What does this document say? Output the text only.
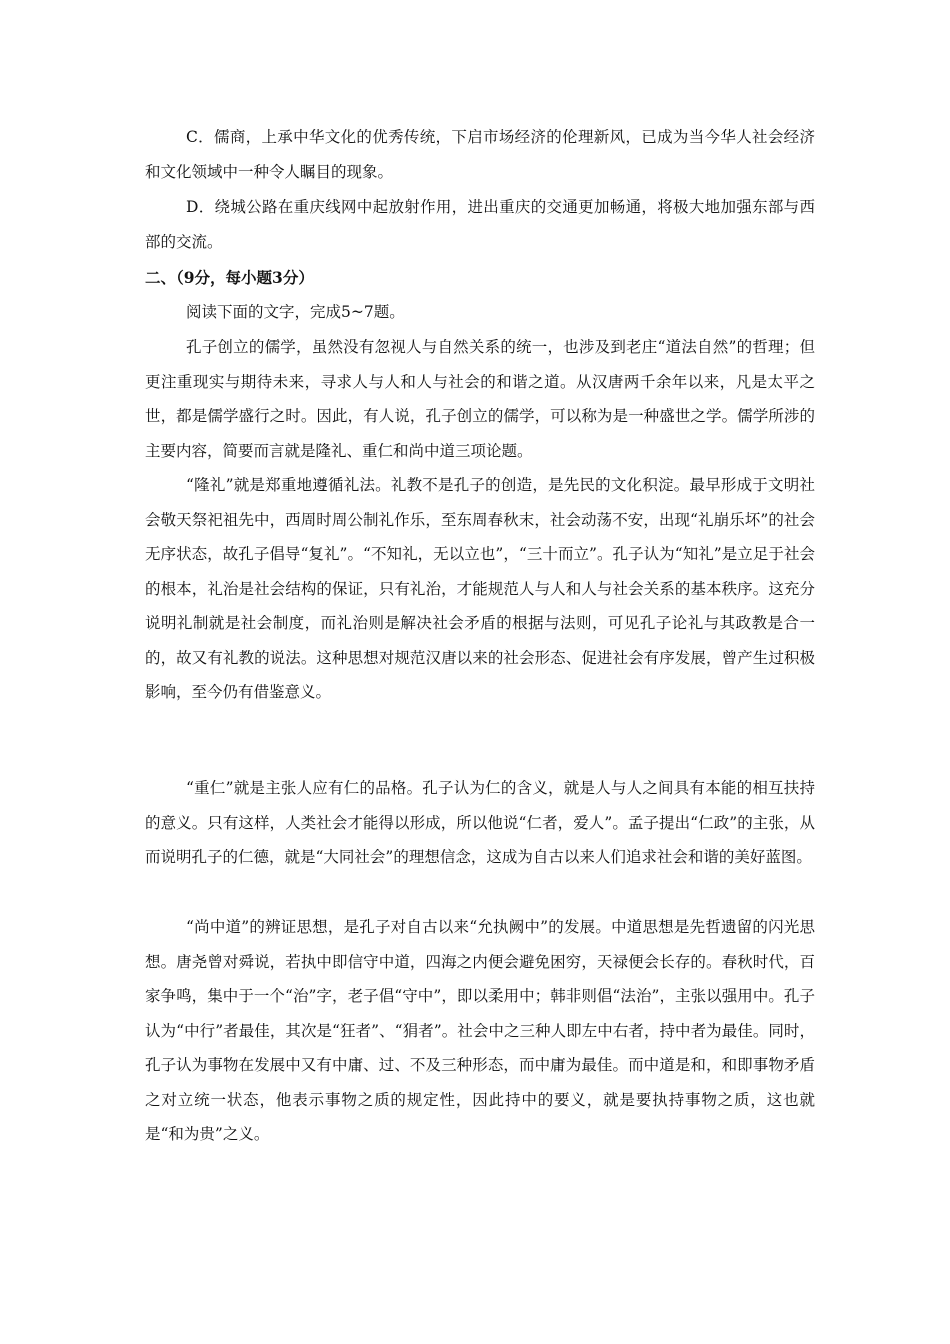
C．儒商，上承中华文化的优秀传统，下启市场经济的伦理新风，已成为当今华人社会经济和文化领域中一种令人瞩目的现象。

D．绕城公路在重庆线网中起放射作用，进出重庆的交通更加畅通，将极大地加强东部与西部的交流。

二、（9分，每小题3分）

阅读下面的文字，完成5~7题。

孔子创立的儒学，虽然没有忽视人与自然关系的统一，也涉及到老庄“道法自然”的哲理；但更注重现实与期待未来，寻求人与人和人与社会的和谐之道。从汉唐两千余年以来，凡是太平之世，都是儒学盛行之时。因此，有人说，孔子创立的儒学，可以称为是一种盛世之学。儒学所涉的主要内容，简要而言就是隆礼、重仁和尚中道三项论题。

“隆礼”就是郑重地遵循礼法。礼教不是孔子的创造，是先民的文化积淀。最早形成于文明社会敬天祭祀祖先中，西周时周公制礼作乐，至东周春秋末，社会动荡不安，出现“礼崩乐坏”的社会无序状态，故孔子倡导“复礼”。“不知礼，无以立也”，“三十而立”。孔子认为“知礼”是立足于社会的根本，礼治是社会结构的保证，只有礼治，才能规范人与人和人与社会关系的基本秩序。这充分说明礼制就是社会制度，而礼治则是解决社会矛盾的根据与法则，可见孔子论礼与其政教是合一的，故又有礼教的说法。这种思想对规范汉唐以来的社会形态、促进社会有序发展，曾产生过积极影响，至今仍有借鉴意义。

“重仁”就是主张人应有仁的品格。孔子认为仁的含义，就是人与人之间具有本能的相互扶持的意义。只有这样，人类社会才能得以形成，所以他说“仁者，爱人”。孟子提出“仁政”的主张，从而说明孔子的仁德，就是“大同社会”的理想信念，这成为自古以来人们追求社会和谐的美好蓝图。

“尚中道”的辨证思想，是孔子对自古以来“允执阙中”的发展。中道思想是先哲遗留的闪光思想。唐尧曾对舜说，若执中即信守中道，四海之内便会避免困穷，天禄便会长存的。春秋时代，百家争鸣，集中于一个“治”字，老子倡“守中”，即以柔用中；韩非则倡“法治”，主张以强用中。孔子认为“中行”者最佳，其次是“狂者”、“狷者”。社会中之三种人即左中右者，持中者为最佳。同时，孔子认为事物在发展中又有中庸、过、不及三种形态，而中庸为最佳。而中道是和，和即事物矛盾之对立统一状态，他表示事物之质的规定性，因此持中的要义，就是要执持事物之质，这也就是“和为贵”之义。
